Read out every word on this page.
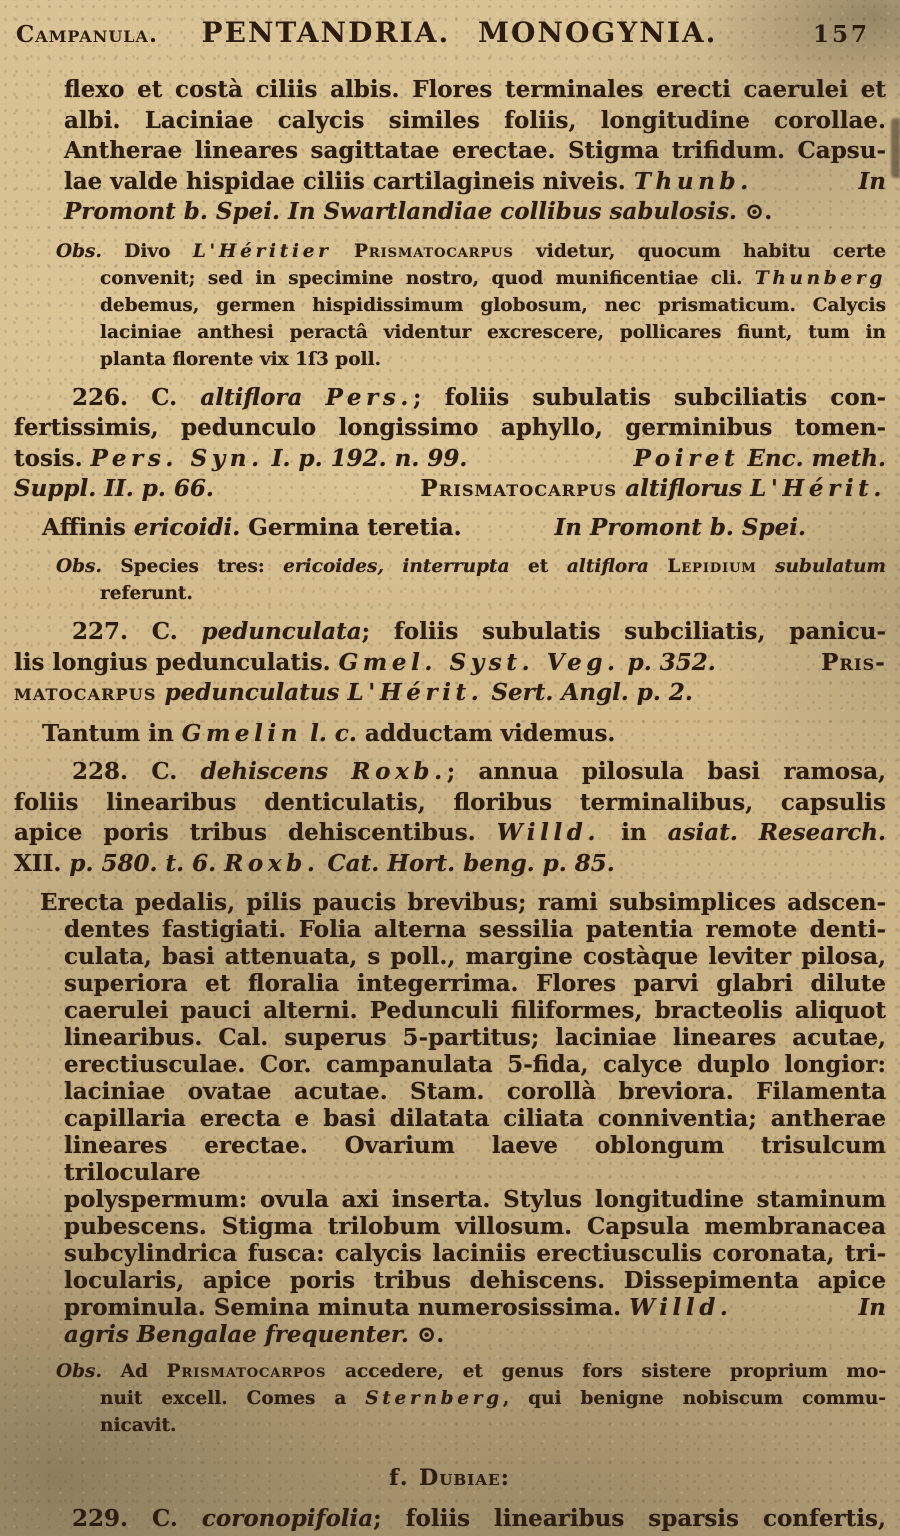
Campanula. PENTANDRIA. MONOGYNIA.	157
flexo et costà ciliis albis. Flores terminales erecti caerulei et
albi. Laciniae calycis similes foliis, longitudine corollae.
Antherae lineares sagittatae erectae. Stigma trifidum. Capsu-
lae valde hispidae ciliis cartilagineis niveis. Thunb.	In
Promont b. Spei. In Swartlandiae collibus sabulosis. ⊙.
Obs. Divo L'Héritier Prismatocarpus videtur, quocum habitu certe
convenit; sed in specimine nostro, quod munificentiae cli. Thunberg
debemus, germen hispidissimum globosum, nec prismaticum. Calycis
laciniae anthesi peractâ videntur excrescere, pollicares fiunt, tum in
planta florente vix 1ſ3 poll.
226. C. altiflora Pers.; foliis subulatis subciliatis con-
fertissimis, pedunculo longissimo aphyllo, germinibus tomen-
tosis. Pers. Syn. I. p. 192. n. 99.	Poiret Enc. meth.
Suppl. II. p. 66.	Prismatocarpus altiflorus L'Hérit.
Affinis ericoidi. Germina teretia.	In Promont b. Spei.
Obs. Species tres: ericoides, interrupta et altiflora Lepidium subulatum
referunt.
227. C. pedunculata; foliis subulatis subciliatis, panicu-
lis longius pedunculatis. Gmel. Syst. Veg. p. 352.	Pris-
matocarpus pedunculatus L'Hérit. Sert. Angl. p. 2.
Tantum in Gmelin l. c. adductam videmus.
228. C. dehiscens Roxb.; annua pilosula basi ramosa,
foliis linearibus denticulatis, floribus terminalibus, capsulis
apice poris tribus dehiscentibus. Willd. in asiat. Research.
XII. p. 580. t. 6. Roxb. Cat. Hort. beng. p. 85.
Erecta pedalis, pilis paucis brevibus; rami subsimplices adscen-
dentes fastigiati. Folia alterna sessilia patentia remote denti-
culata, basi attenuata, s poll., margine costàque leviter pilosa,
superiora et floralia integerrima. Flores parvi glabri dilute
caerulei pauci alterni. Pedunculi filiformes, bracteolis aliquot
linearibus. Cal. superus 5-partitus; laciniae lineares acutae,
erectiusculae. Cor. campanulata 5-fida, calyce duplo longior:
laciniae ovatae acutae. Stam. corollà breviora. Filamenta
capillaria erecta e basi dilatata ciliata conniventia; antherae
lineares erectae. Ovarium laeve oblongum trisulcum triloculare
polyspermum: ovula axi inserta. Stylus longitudine staminum
pubescens. Stigma trilobum villosum. Capsula membranacea
subcylindrica fusca: calycis laciniis erectiusculis coronata, tri-
locularis, apice poris tribus dehiscens. Dissepimenta apice
prominula. Semina minuta numerosissima. Willd.	In
agris Bengalae frequenter. ⊙.
Obs. Ad Prismatocarpos accedere, et genus fors sistere proprium mo-
nuit excell. Comes a Sternberg, qui benigne nobiscum commu-
nicavit.
f. Dubiae:
229. C. coronopifolia; foliis linearibus sparsis confertis,
